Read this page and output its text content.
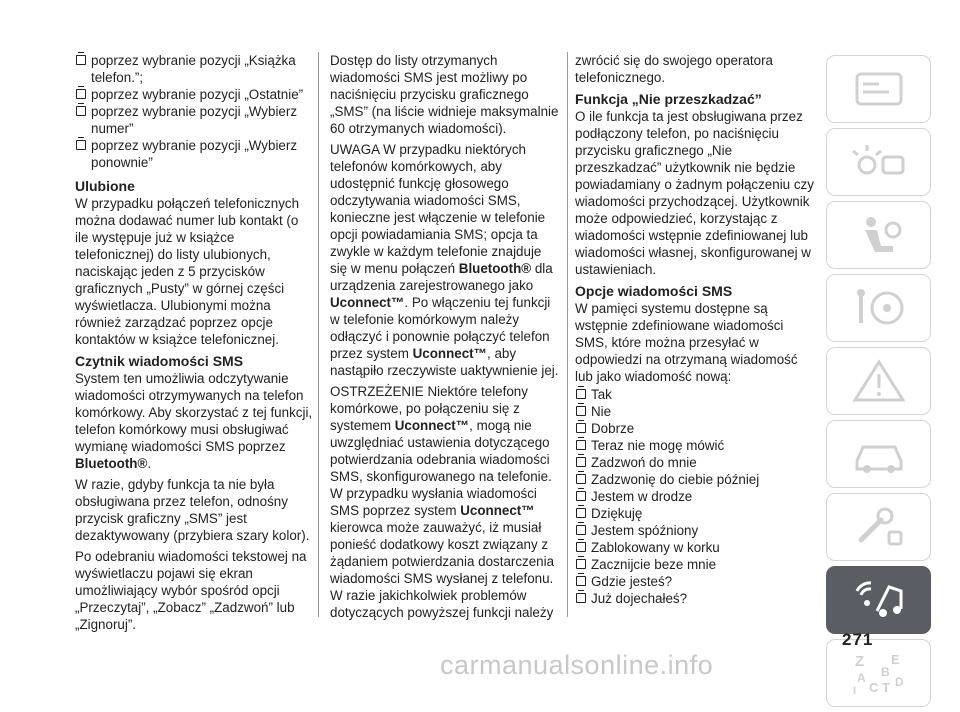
poprzez wybranie pozycji „Książka telefon.”;
poprzez wybranie pozycji „Ostatnie”
poprzez wybranie pozycji „Wybierz numer”
poprzez wybranie pozycji „Wybierz ponownie”
Ulubione

W przypadku połączeń telefonicznych można dodawać numer lub kontakt (o ile występuje już w książce telefonicznej) do listy ulubionych, naciskając jeden z 5 przycisków graficznych „Pusty” w górnej części wyświetlacza. Ulubionymi można również zarządzać poprzez opcje kontaktów w książce telefonicznej.

Czytnik wiadomości SMS

System ten umożliwia odczytywanie wiadomości otrzymywanych na telefon komórkowy. Aby skorzystać z tej funkcji, telefon komórkowy musi obsługiwać wymianę wiadomości SMS poprzez Bluetooth®.

W razie, gdyby funkcja ta nie była obsługiwana przez telefon, odnośny przycisk graficzny „SMS” jest dezaktywowany (przybiera szary kolor).

Po odebraniu wiadomości tekstowej na wyświetlaczu pojawi się ekran umożliwiający wybór spośród opcji „Przeczytaj”, „Zobacz” „Zadzwoń” lub „Zignoruj”.

Dostęp do listy otrzymanych wiadomości SMS jest możliwy po naciśnięciu przycisku graficznego „SMS” (na liście widnieje maksymalnie 60 otrzymanych wiadomości).

UWAGA W przypadku niektórych telefonów komórkowych, aby udostępnić funkcję głosowego odczytywania wiadomości SMS, konieczne jest włączenie w telefonie opcji powiadamiania SMS; opcja ta zwykle w każdym telefonie znajduje się w menu połączeń Bluetooth® dla urządzenia zarejestrowanego jako Uconnect™. Po włączeniu tej funkcji w telefonie komórkowym należy odłączyć i ponownie połączyć telefon przez system Uconnect™, aby nastąpiło rzeczywiste uaktywnienie jej.

OSTRZEŻENIE Niektóre telefony komórkowe, po połączeniu się z systemem Uconnect™, mogą nie uwzględniać ustawienia dotyczącego potwierdzania odebrania wiadomości SMS, skonfigurowanego na telefonie. W przypadku wysłania wiadomości SMS poprzez system Uconnect™ kierowca może zauważyć, iż musiał ponieść dodatkowy koszt związany z żądaniem potwierdzania dostarczenia wiadomości SMS wysłanej z telefonu. W razie jakichkolwiek problemów dotyczących powyższej funkcji należy

zwrócić się do swojego operatora telefonicznego.

Funkcja „Nie przeszkadzać”

O ile funkcja ta jest obsługiwana przez podłączony telefon, po naciśnięciu przycisku graficznego „Nie przeszkadzać” użytkownik nie będzie powiadamiany o żadnym połączeniu czy wiadomości przychodzącej. Użytkownik może odpowiedzieć, korzystając z wiadomości wstępnie zdefiniowanej lub wiadomości własnej, skonfigurowanej w ustawieniach.

Opcje wiadomości SMS

W pamięci systemu dostępne są wstępnie zdefiniowane wiadomości SMS, które można przesyłać w odpowiedzi na otrzymaną wiadomość lub jako wiadomość nową:

Tak
Nie
Dobrze
Teraz nie mogę mówić
Zadzwoń do mnie
Zadzwonię do ciebie później
Jestem w drodze
Dziękuję
Jestem spóźniony
Zablokowany w korku
Zacznijcie beze mnie
Gdzie jesteś?
Już dojechałeś?
Z E
B
A
C T D
I
271
carmanualsonline.info
